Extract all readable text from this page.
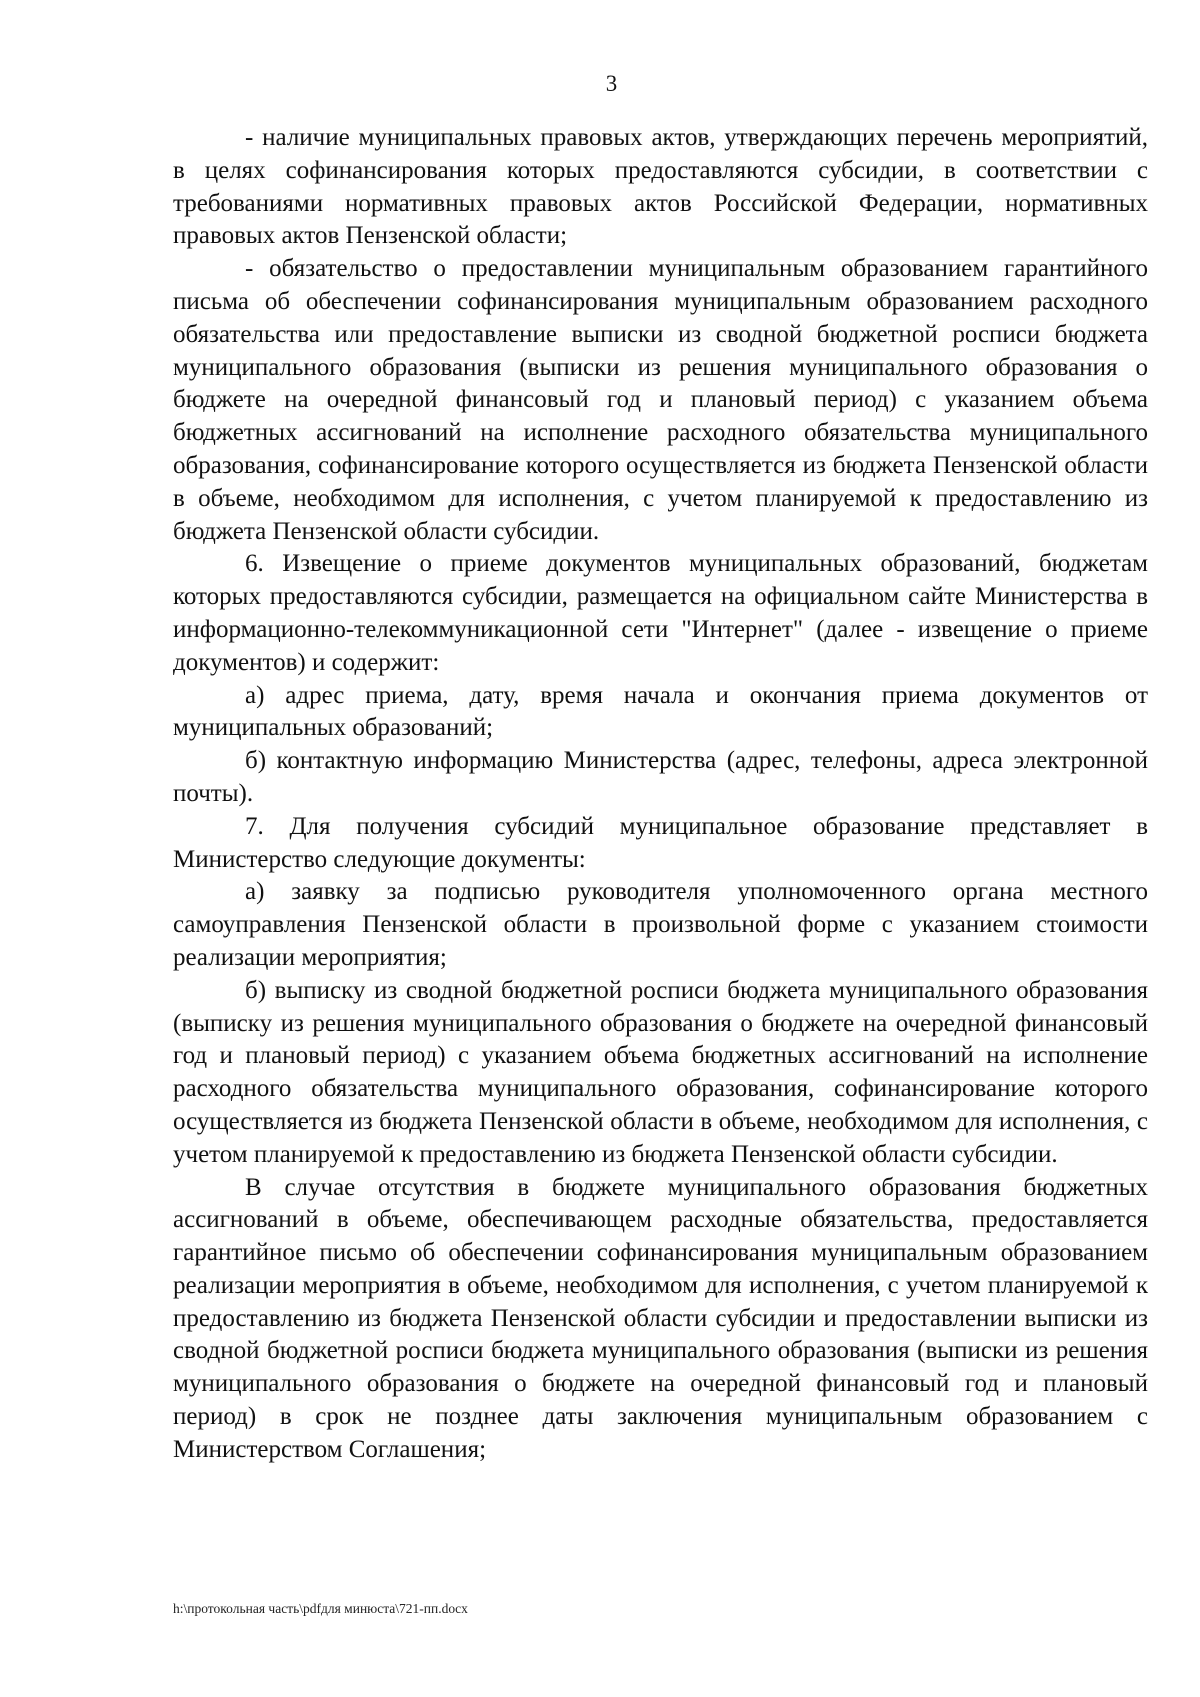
3

- наличие муниципальных правовых актов, утверждающих перечень мероприятий, в целях софинансирования которых предоставляются субсидии, в соответствии с требованиями нормативных правовых актов Российской Федерации, нормативных правовых актов Пензенской области;

- обязательство о предоставлении муниципальным образованием гарантийного письма об обеспечении софинансирования муниципальным образованием расходного обязательства или предоставление выписки из сводной бюджетной росписи бюджета муниципального образования (выписки из решения муниципального образования о бюджете на очередной финансовый год и плановый период) с указанием объема бюджетных ассигнований на исполнение расходного обязательства муниципального образования, софинансирование которого осуществляется из бюджета Пензенской области в объеме, необходимом для исполнения, с учетом планируемой к предоставлению из бюджета Пензенской области субсидии.

6. Извещение о приеме документов муниципальных образований, бюджетам которых предоставляются субсидии, размещается на официальном сайте Министерства в информационно-телекоммуникационной сети "Интернет" (далее - извещение о приеме документов) и содержит:

а) адрес приема, дату, время начала и окончания приема документов от муниципальных образований;

б) контактную информацию Министерства (адрес, телефоны, адреса электронной почты).

7. Для получения субсидий муниципальное образование представляет в Министерство следующие документы:

а) заявку за подписью руководителя уполномоченного органа местного самоуправления Пензенской области в произвольной форме с указанием стоимости реализации мероприятия;

б) выписку из сводной бюджетной росписи бюджета муниципального образования (выписку из решения муниципального образования о бюджете на очередной финансовый год и плановый период) с указанием объема бюджетных ассигнований на исполнение расходного обязательства муниципального образования, софинансирование которого осуществляется из бюджета Пензенской области в объеме, необходимом для исполнения, с учетом планируемой к предоставлению из бюджета Пензенской области субсидии.

В случае отсутствия в бюджете муниципального образования бюджетных ассигнований в объеме, обеспечивающем расходные обязательства, предоставляется гарантийное письмо об обеспечении софинансирования муниципальным образованием реализации мероприятия в объеме, необходимом для исполнения, с учетом планируемой к предоставлению из бюджета Пензенской области субсидии и предоставлении выписки из сводной бюджетной росписи бюджета муниципального образования (выписки из решения муниципального образования о бюджете на очередной финансовый год и плановый период) в срок не позднее даты заключения муниципальным образованием с Министерством Соглашения;

h:\протокольная часть\pdfдля минюста\721-пп.docx
